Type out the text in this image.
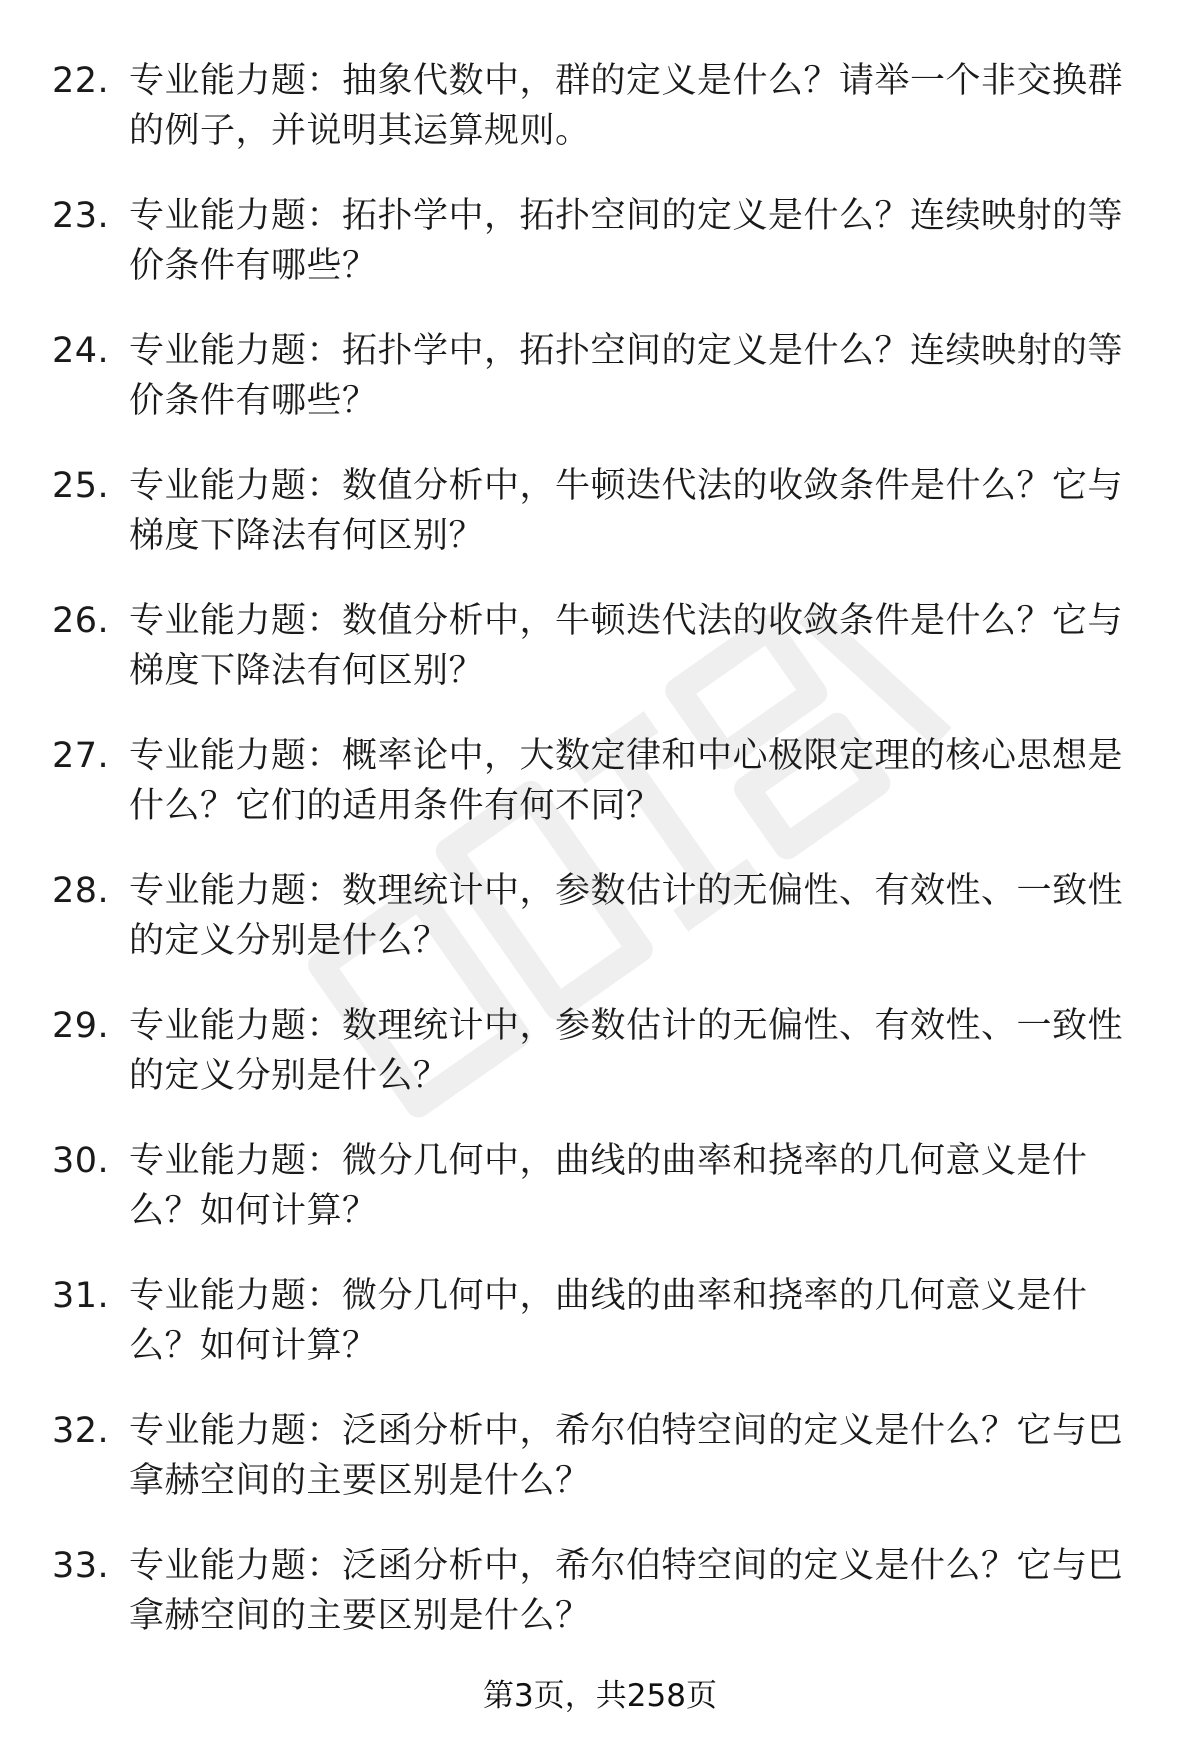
22. 专业能力题：抽象代数中，群的定义是什么？请举一个非交换群的例子，并说明其运算规则。
23. 专业能力题：拓扑学中，拓扑空间的定义是什么？连续映射的等价条件有哪些？
24. 专业能力题：拓扑学中，拓扑空间的定义是什么？连续映射的等价条件有哪些？
25. 专业能力题：数值分析中，牛顿迭代法的收敛条件是什么？它与梯度下降法有何区别？
26. 专业能力题：数值分析中，牛顿迭代法的收敛条件是什么？它与梯度下降法有何区别？
27. 专业能力题：概率论中，大数定律和中心极限定理的核心思想是什么？它们的适用条件有何不同？
28. 专业能力题：数理统计中，参数估计的无偏性、有效性、一致性的定义分别是什么？
29. 专业能力题：数理统计中，参数估计的无偏性、有效性、一致性的定义分别是什么？
30. 专业能力题：微分几何中，曲线的曲率和挠率的几何意义是什么？如何计算？
31. 专业能力题：微分几何中，曲线的曲率和挠率的几何意义是什么？如何计算？
32. 专业能力题：泛函分析中，希尔伯特空间的定义是什么？它与巴拿赫空间的主要区别是什么？
33. 专业能力题：泛函分析中，希尔伯特空间的定义是什么？它与巴拿赫空间的主要区别是什么？
第3页，共258页
